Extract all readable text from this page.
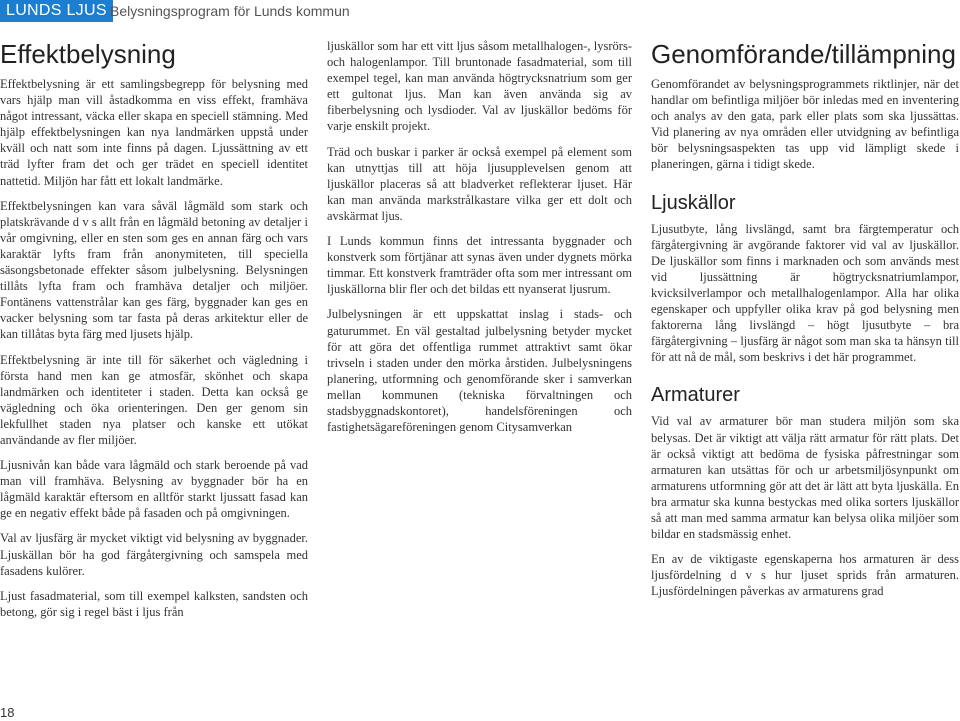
LUNDS LJUS Belysningsprogram för Lunds kommun
Effektbelysning

Effektbelysning är ett samlingsbegrepp för belysning med vars hjälp man vill åstadkomma en viss effekt, framhäva något intressant, väcka eller skapa en speciell stämning. Med hjälp effektbelysningen kan nya landmärken uppstå under kväll och natt som inte finns på dagen. Ljussättning av ett träd lyfter fram det och ger trädet en speciell identitet nattetid. Miljön har fått ett lokalt landmärke.

Effektbelysningen kan vara såväl lågmäld som stark och platskrävande d v s allt från en lågmäld betoning av detaljer i vår omgivning, eller en sten som ges en annan färg och vars karaktär lyfts fram från anonymiteten, till speciella säsongsbetonade effekter såsom julbelysning. Belysningen tillåts lyfta fram och framhäva detaljer och miljöer. Fontänens vattenstrålar kan ges färg, byggnader kan ges en vacker belysning som tar fasta på deras arkitektur eller de kan tillåtas byta färg med ljusets hjälp.

Effektbelysning är inte till för säkerhet och vägledning i första hand men kan ge atmosfär, skönhet och skapa landmärken och identiteter i staden. Detta kan också ge vägledning och öka orienteringen. Den ger genom sin lekfullhet staden nya platser och kanske ett utökat användande av fler miljöer.

Ljusnivån kan både vara lågmäld och stark beroende på vad man vill framhäva. Belysning av byggnader bör ha en lågmäld karaktär eftersom en alltför starkt ljussatt fasad kan ge en negativ effekt både på fasaden och på omgivningen.

Val av ljusfärg är mycket viktigt vid belysning av byggnader. Ljuskällan bör ha god färgåtergivning och samspela med fasadens kulörer.

Ljust fasadmaterial, som till exempel kalksten, sandsten och betong, gör sig i regel bäst i ljus från

ljuskällor som har ett vitt ljus såsom metallhalogen-, lysrörs- och halogenlampor. Till bruntonade fasadmaterial, som till exempel tegel, kan man använda högtrycksnatrium som ger ett gultonat ljus. Man kan även använda sig av fiberbelysning och lysdioder. Val av ljuskällor bedöms för varje enskilt projekt.

Träd och buskar i parker är också exempel på element som kan utnyttjas till att höja ljusupplevelsen genom att ljuskällor placeras så att bladverket reflekterar ljuset. Här kan man använda markstrålkastare vilka ger ett dolt och avskärmat ljus.

I Lunds kommun finns det intressanta byggnader och konstverk som förtjänar att synas även under dygnets mörka timmar. Ett konstverk framträder ofta som mer intressant om ljuskällorna blir fler och det bildas ett nyanserat ljusrum.

Julbelysningen är ett uppskattat inslag i stads- och gaturummet. En väl gestaltad julbelysning betyder mycket för att göra det offentliga rummet attraktivt samt ökar trivseln i staden under den mörka årstiden. Julbelysningens planering, utformning och genomförande sker i samverkan mellan kommunen (tekniska förvaltningen och stadsbyggnadskontoret), handelsföreningen och fastighetsägareföreningen genom Citysamverkan

Genomförande/tillämpning

Genomförandet av belysningsprogrammets riktlinjer, när det handlar om befintliga miljöer bör inledas med en inventering och analys av den gata, park eller plats som ska ljussättas. Vid planering av nya områden eller utvidgning av befintliga bör belysningsaspekten tas upp vid lämpligt skede i planeringen, gärna i tidigt skede.

Ljuskällor

Ljusutbyte, lång livslängd, samt bra färgtemperatur och färgåtergivning är avgörande faktorer vid val av ljuskällor. De ljuskällor som finns i marknaden och som används mest vid ljussättning är högtrycksnatriumlampor, kvicksilverlampor och metallhalogenlampor. Alla har olika egenskaper och uppfyller olika krav på god belysning men faktorerna lång livslängd – högt ljusutbyte – bra färgåtergivning – ljusfärg är något som man ska ta hänsyn till för att nå de mål, som beskrivs i det här programmet.

Armaturer

Vid val av armaturer bör man studera miljön som ska belysas. Det är viktigt att välja rätt armatur för rätt plats. Det är också viktigt att bedöma de fysiska påfrestningar som armaturen kan utsättas för och ur arbetsmiljösynpunkt om armaturens utformning gör att det är lätt att byta ljuskälla. En bra armatur ska kunna bestyckas med olika sorters ljuskällor så att man med samma armatur kan belysa olika miljöer som bildar en stadsmässig enhet.

En av de viktigaste egenskaperna hos armaturen är dess ljusfördelning d v s hur ljuset sprids från armaturen. Ljusfördelningen påverkas av armaturens grad

18
